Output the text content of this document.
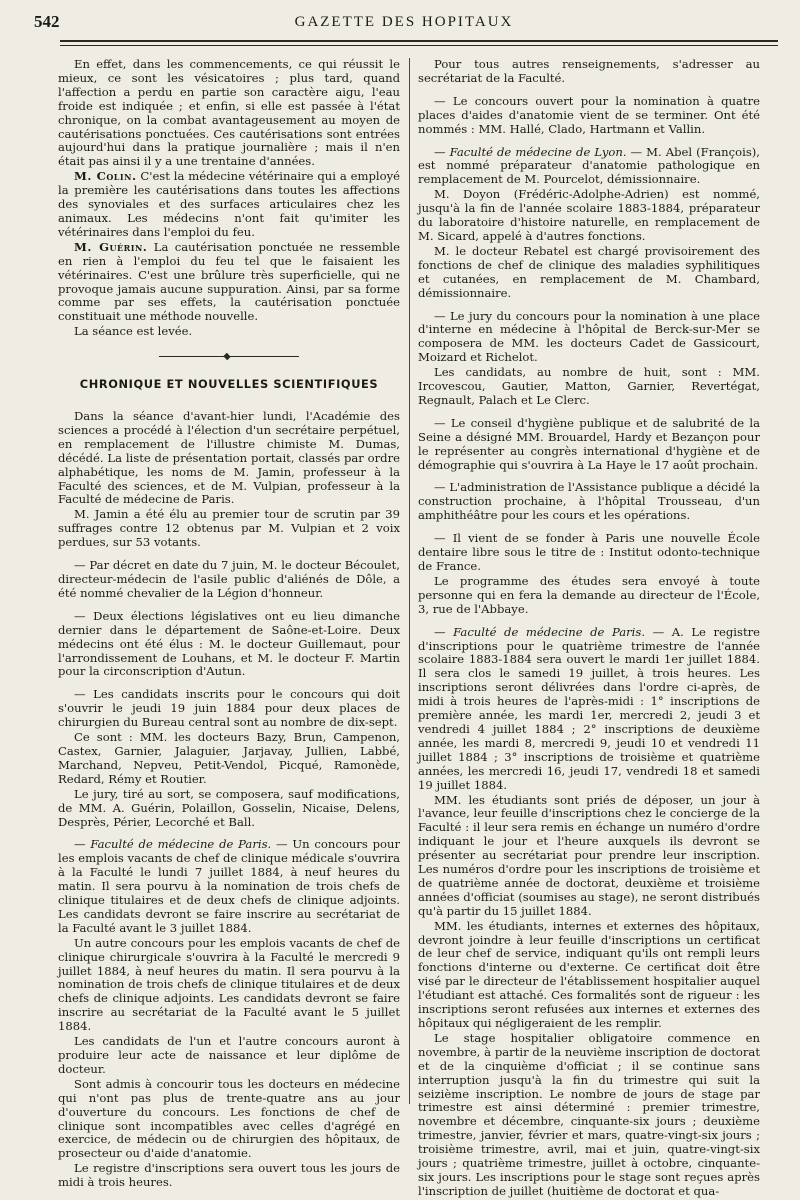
542	GAZETTE DES HOPITAUX

En effet, dans les commencements, ce qui réussit le mieux, ce sont les vésicatoires ; plus tard, quand l'affection a perdu en partie son caractère aigu, l'eau froide est indiquée ; et enfin, si elle est passée à l'état chronique, on la combat avantageusement au moyen de cautérisations ponctuées. Ces cautérisations sont entrées aujourd'hui dans la pratique journalière ; mais il n'en était pas ainsi il y a une trentaine d'années.

M. Colin. C'est la médecine vétérinaire qui a employé la première les cautérisations dans toutes les affections des synoviales et des surfaces articulaires chez les animaux. Les médecins n'ont fait qu'imiter les vétérinaires dans l'emploi du feu.

M. Guérin. La cautérisation ponctuée ne ressemble en rien à l'emploi du feu tel que le faisaient les vétérinaires. C'est une brûlure très superficielle, qui ne provoque jamais aucune suppuration. Ainsi, par sa forme comme par ses effets, la cautérisation ponctuée constituait une méthode nouvelle.

La séance est levée.

CHRONIQUE ET NOUVELLES SCIENTIFIQUES

Dans la séance d'avant-hier lundi, l'Académie des sciences a procédé à l'élection d'un secrétaire perpétuel, en remplacement de l'illustre chimiste M. Dumas, décédé. La liste de présentation portait, classés par ordre alphabétique, les noms de M. Jamin, professeur à la Faculté des sciences, et de M. Vulpian, professeur à la Faculté de médecine de Paris.

M. Jamin a été élu au premier tour de scrutin par 39 suffrages contre 12 obtenus par M. Vulpian et 2 voix perdues, sur 53 votants.

— Par décret en date du 7 juin, M. le docteur Bécoulet, directeur-médecin de l'asile public d'aliénés de Dôle, a été nommé chevalier de la Légion d'honneur.

— Deux élections législatives ont eu lieu dimanche dernier dans le département de Saône-et-Loire. Deux médecins ont été élus : M. le docteur Guillemaut, pour l'arrondissement de Louhans, et M. le docteur F. Martin pour la circonscription d'Autun.

— Les candidats inscrits pour le concours qui doit s'ouvrir le jeudi 19 juin 1884 pour deux places de chirurgien du Bureau central sont au nombre de dix-sept.

Ce sont : MM. les docteurs Bazy, Brun, Campenon, Castex, Garnier, Jalaguier, Jarjavay, Jullien, Labbé, Marchand, Nepveu, Petit-Vendol, Picqué, Ramonède, Redard, Rémy et Routier.

Le jury, tiré au sort, se composera, sauf modifications, de MM. A. Guérin, Polaillon, Gosselin, Nicaise, Delens, Desprès, Périer, Lecorché et Ball.

— Faculté de médecine de Paris. — Un concours pour les emplois vacants de chef de clinique médicale s'ouvrira à la Faculté le lundi 7 juillet 1884, à neuf heures du matin. Il sera pourvu à la nomination de trois chefs de clinique titulaires et de deux chefs de clinique adjoints. Les candidats devront se faire inscrire au secrétariat de la Faculté avant le 3 juillet 1884.

Un autre concours pour les emplois vacants de chef de clinique chirurgicale s'ouvrira à la Faculté le mercredi 9 juillet 1884, à neuf heures du matin. Il sera pourvu à la nomination de trois chefs de clinique titulaires et de deux chefs de clinique adjoints. Les candidats devront se faire inscrire au secrétariat de la Faculté avant le 5 juillet 1884.

Les candidats de l'un et l'autre concours auront à produire leur acte de naissance et leur diplôme de docteur.

Sont admis à concourir tous les docteurs en médecine qui n'ont pas plus de trente-quatre ans au jour d'ouverture du concours. Les fonctions de chef de clinique sont incompatibles avec celles d'agrégé en exercice, de médecin ou de chirurgien des hôpitaux, de prosecteur ou d'aide d'anatomie.

Le registre d'inscriptions sera ouvert tous les jours de midi à trois heures.

Pour tous autres renseignements, s'adresser au secrétariat de la Faculté.

— Le concours ouvert pour la nomination à quatre places d'aides d'anatomie vient de se terminer. Ont été nommés : MM. Hallé, Clado, Hartmann et Vallin.

— Faculté de médecine de Lyon. — M. Abel (François), est nommé préparateur d'anatomie pathologique en remplacement de M. Pourcelot, démissionnaire.

M. Doyon (Frédéric-Adolphe-Adrien) est nommé, jusqu'à la fin de l'année scolaire 1883-1884, préparateur du laboratoire d'histoire naturelle, en remplacement de M. Sicard, appelé à d'autres fonctions.

M. le docteur Rebatel est chargé provisoirement des fonctions de chef de clinique des maladies syphilitiques et cutanées, en remplacement de M. Chambard, démissionnaire.

— Le jury du concours pour la nomination à une place d'interne en médecine à l'hôpital de Berck-sur-Mer se composera de MM. les docteurs Cadet de Gassicourt, Moizard et Richelot.

Les candidats, au nombre de huit, sont : MM. Ircovescou, Gautier, Matton, Garnier, Revertégat, Regnault, Palach et Le Clerc.

— Le conseil d'hygiène publique et de salubrité de la Seine a désigné MM. Brouardel, Hardy et Bezançon pour le représenter au congrès international d'hygiène et de démographie qui s'ouvrira à La Haye le 17 août prochain.

— L'administration de l'Assistance publique a décidé la construction prochaine, à l'hôpital Trousseau, d'un amphithéâtre pour les cours et les opérations.

— Il vient de se fonder à Paris une nouvelle École dentaire libre sous le titre de : Institut odonto-technique de France.

Le programme des études sera envoyé à toute personne qui en fera la demande au directeur de l'École, 3, rue de l'Abbaye.

— Faculté de médecine de Paris. — A. Le registre d'inscriptions pour le quatrième trimestre de l'année scolaire 1883-1884 sera ouvert le mardi 1er juillet 1884. Il sera clos le samedi 19 juillet, à trois heures. Les inscriptions seront délivrées dans l'ordre ci-après, de midi à trois heures de l'après-midi : 1° inscriptions de première année, les mardi 1er, mercredi 2, jeudi 3 et vendredi 4 juillet 1884 ; 2° inscriptions de deuxième année, les mardi 8, mercredi 9, jeudi 10 et vendredi 11 juillet 1884 ; 3° inscriptions de troisième et quatrième années, les mercredi 16, jeudi 17, vendredi 18 et samedi 19 juillet 1884.

MM. les étudiants sont priés de déposer, un jour à l'avance, leur feuille d'inscriptions chez le concierge de la Faculté : il leur sera remis en échange un numéro d'ordre indiquant le jour et l'heure auxquels ils devront se présenter au secrétariat pour prendre leur inscription. Les numéros d'ordre pour les inscriptions de troisième et de quatrième année de doctorat, deuxième et troisième années d'officiat (soumises au stage), ne seront distribués qu'à partir du 15 juillet 1884.

MM. les étudiants, internes et externes des hôpitaux, devront joindre à leur feuille d'inscriptions un certificat de leur chef de service, indiquant qu'ils ont rempli leurs fonctions d'interne ou d'externe. Ce certificat doit être visé par le directeur de l'établissement hospitalier auquel l'étudiant est attaché. Ces formalités sont de rigueur : les inscriptions seront refusées aux internes et externes des hôpitaux qui négligeraient de les remplir.

Le stage hospitalier obligatoire commence en novembre, à partir de la neuvième inscription de doctorat et de la cinquième d'officiat ; il se continue sans interruption jusqu'à la fin du trimestre qui suit la seizième inscription. Le nombre de jours de stage par trimestre est ainsi déterminé : premier trimestre, novembre et décembre, cinquante-six jours ; deuxième trimestre, janvier, février et mars, quatre-vingt-six jours ; troisième trimestre, avril, mai et juin, quatre-vingt-six jours ; quatrième trimestre, juillet à octobre, cinquante-six jours. Les inscriptions pour le stage sont reçues après l'inscription de juillet (huitième de doctorat et qua-
